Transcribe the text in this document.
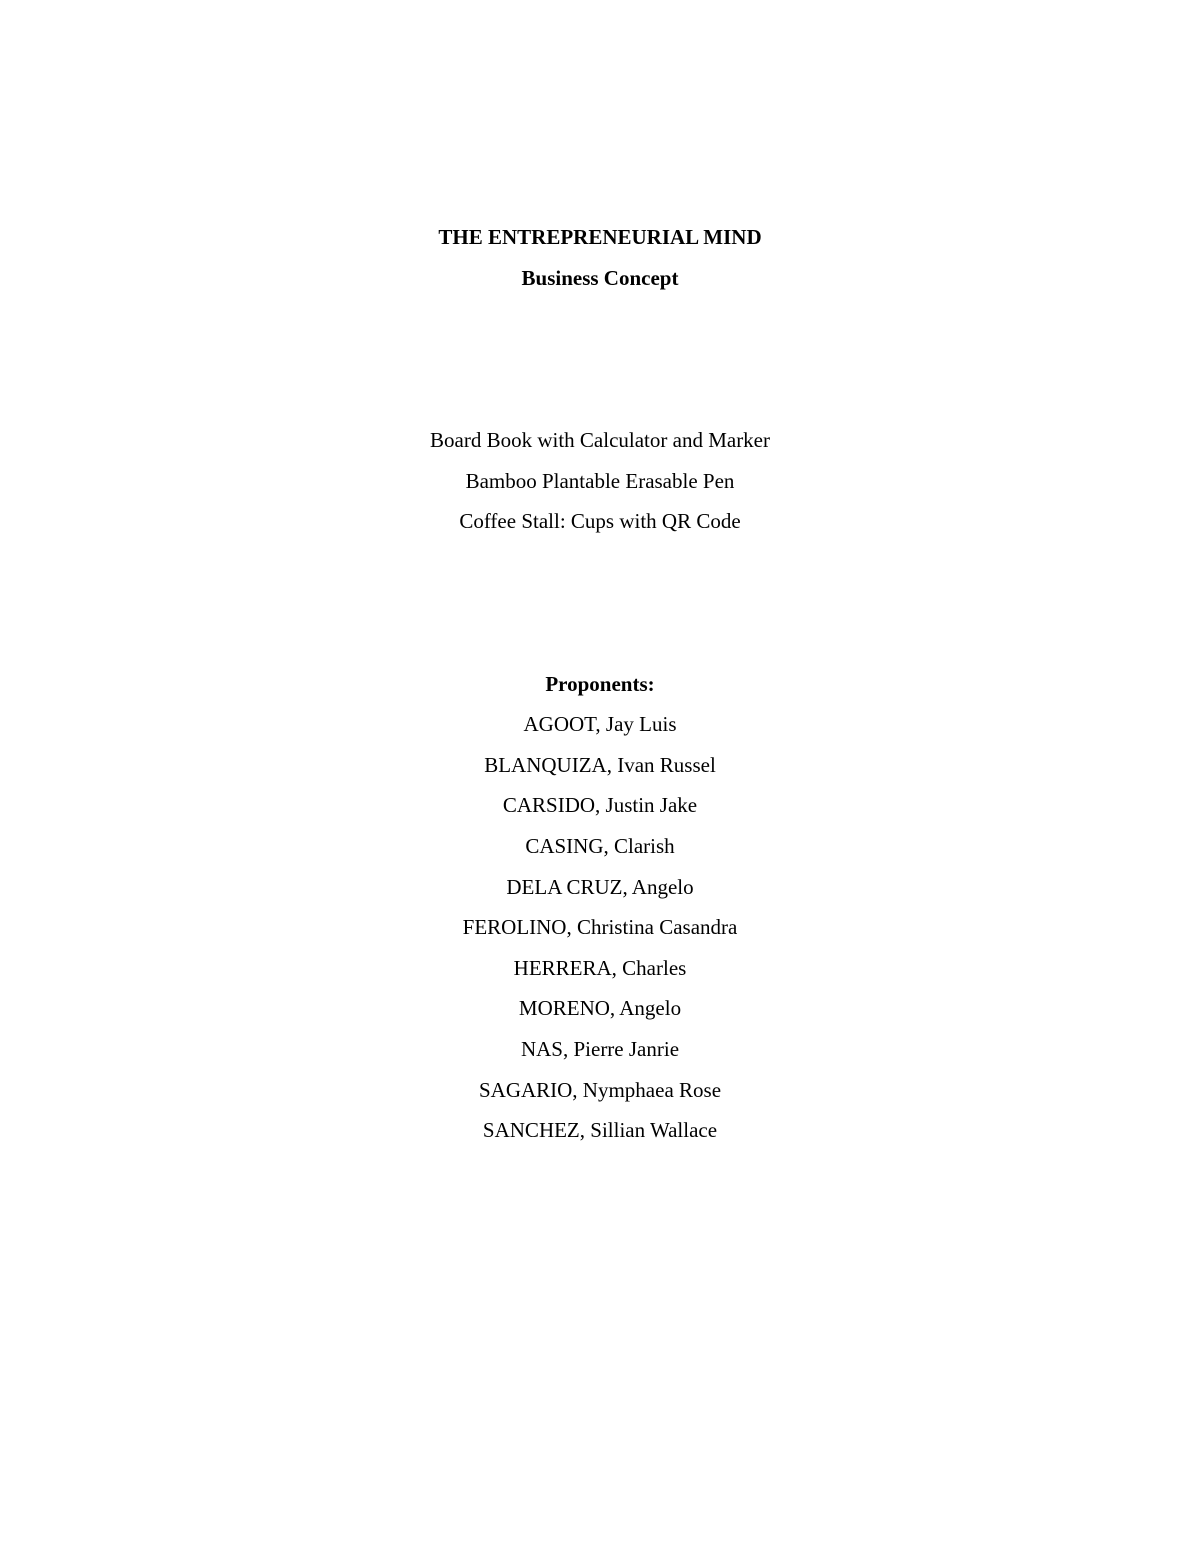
THE ENTREPRENEURIAL MIND
Business Concept
Board Book with Calculator and Marker
Bamboo Plantable Erasable Pen
Coffee Stall: Cups with QR Code
Proponents:
AGOOT, Jay Luis
BLANQUIZA, Ivan Russel
CARSIDO, Justin Jake
CASING, Clarish
DELA CRUZ, Angelo
FEROLINO, Christina Casandra
HERRERA, Charles
MORENO, Angelo
NAS, Pierre Janrie
SAGARIO, Nymphaea Rose
SANCHEZ, Sillian Wallace
